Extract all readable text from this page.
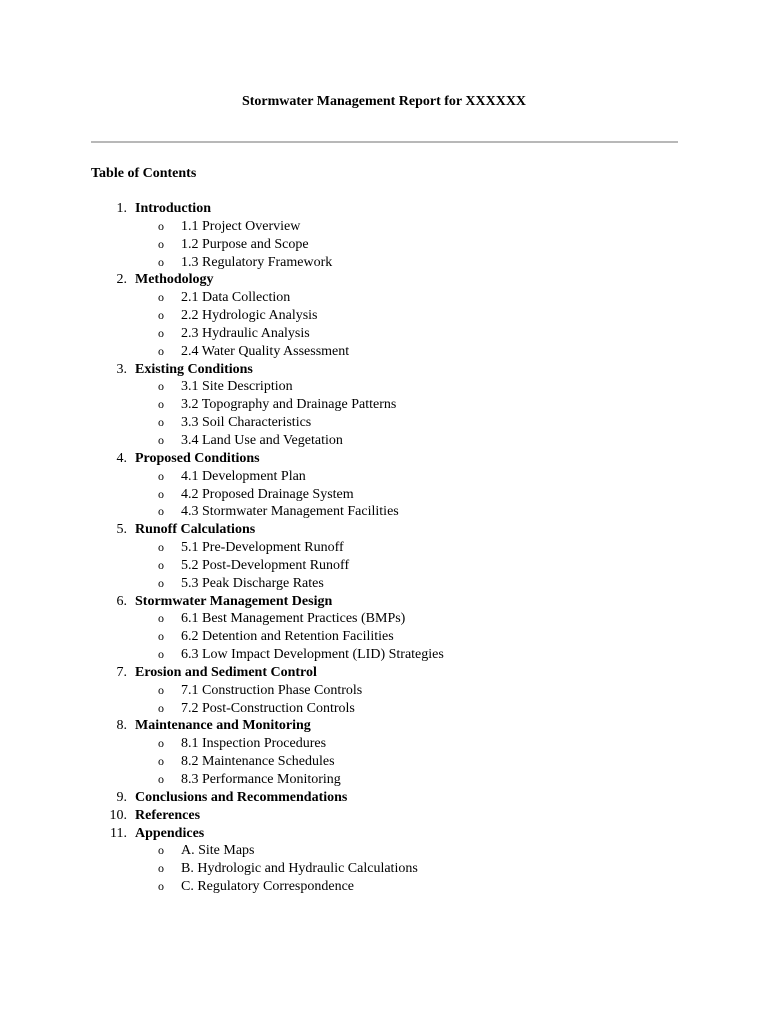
Stormwater Management Report for XXXXXX
Table of Contents
1. Introduction
o 1.1 Project Overview
o 1.2 Purpose and Scope
o 1.3 Regulatory Framework
2. Methodology
o 2.1 Data Collection
o 2.2 Hydrologic Analysis
o 2.3 Hydraulic Analysis
o 2.4 Water Quality Assessment
3. Existing Conditions
o 3.1 Site Description
o 3.2 Topography and Drainage Patterns
o 3.3 Soil Characteristics
o 3.4 Land Use and Vegetation
4. Proposed Conditions
o 4.1 Development Plan
o 4.2 Proposed Drainage System
o 4.3 Stormwater Management Facilities
5. Runoff Calculations
o 5.1 Pre-Development Runoff
o 5.2 Post-Development Runoff
o 5.3 Peak Discharge Rates
6. Stormwater Management Design
o 6.1 Best Management Practices (BMPs)
o 6.2 Detention and Retention Facilities
o 6.3 Low Impact Development (LID) Strategies
7. Erosion and Sediment Control
o 7.1 Construction Phase Controls
o 7.2 Post-Construction Controls
8. Maintenance and Monitoring
o 8.1 Inspection Procedures
o 8.2 Maintenance Schedules
o 8.3 Performance Monitoring
9. Conclusions and Recommendations
10. References
11. Appendices
o A. Site Maps
o B. Hydrologic and Hydraulic Calculations
o C. Regulatory Correspondence
